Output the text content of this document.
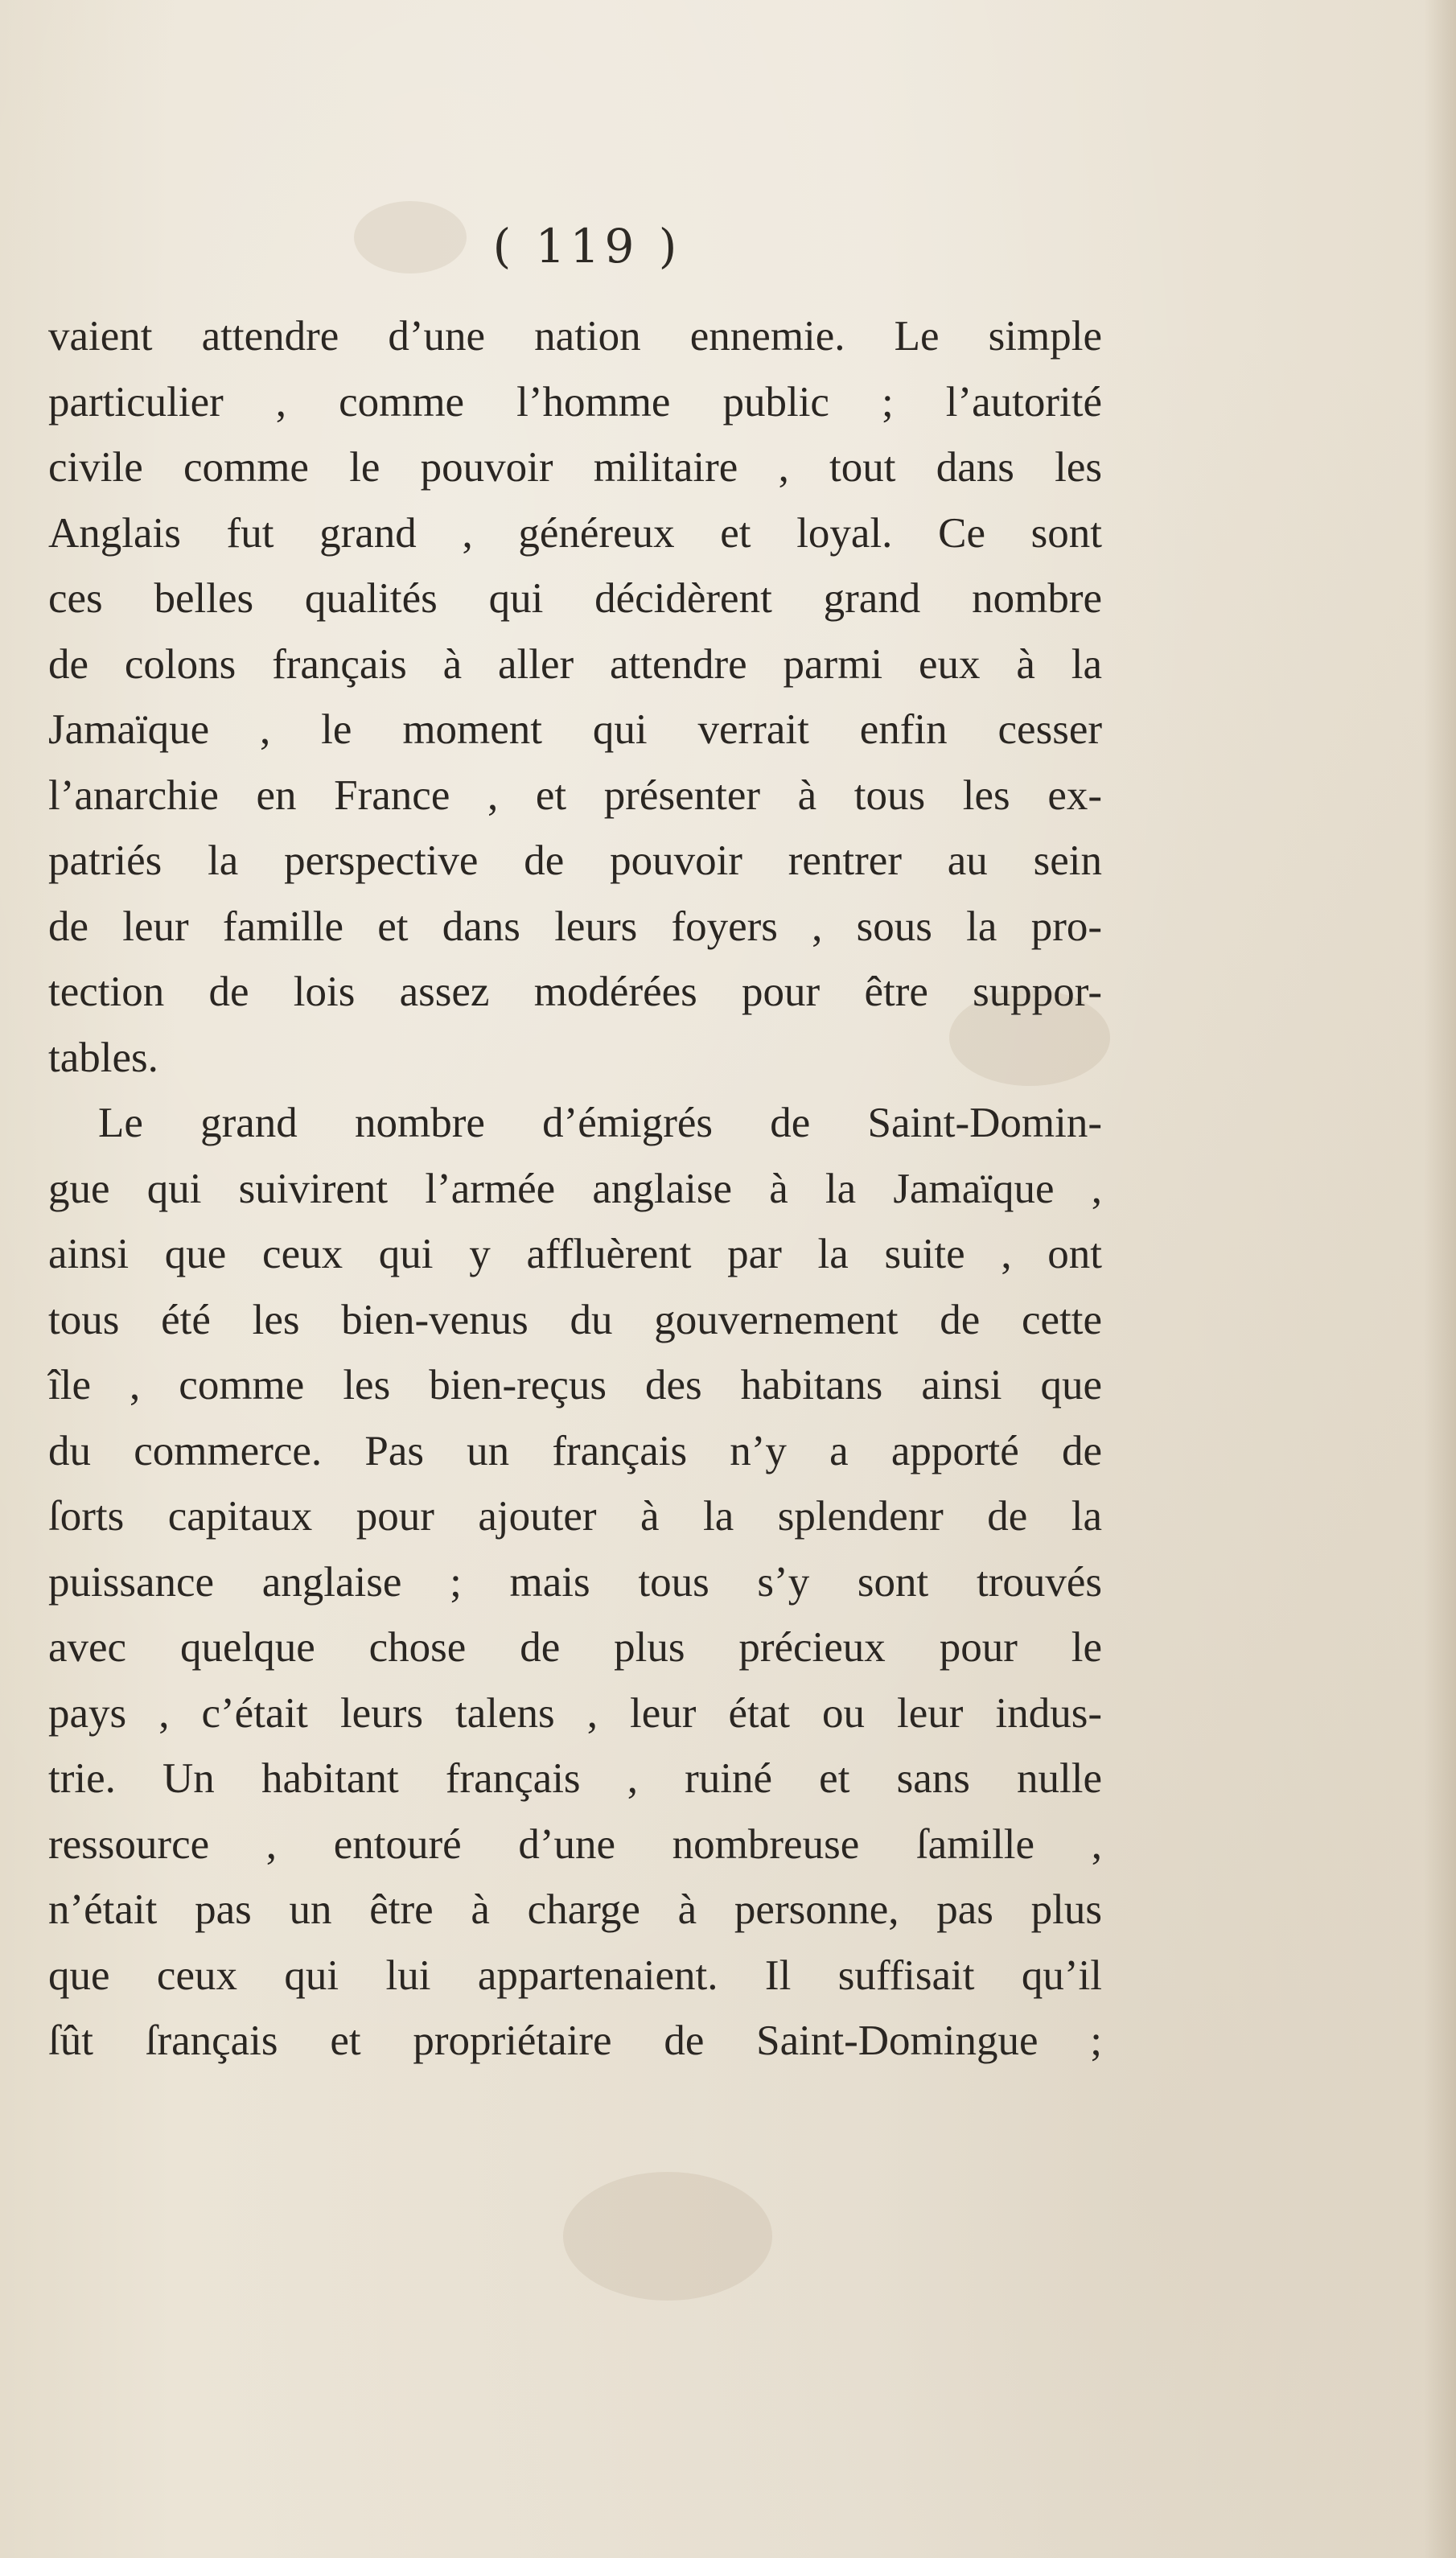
( 119 )
vaient attendre d’une nation ennemie. Le simple
particulier , comme l’homme public ; l’autorité
civile comme le pouvoir militaire , tout dans les
Anglais fut grand , généreux et loyal. Ce sont
ces belles qualités qui décidèrent grand nombre
de colons français à aller attendre parmi eux à la
Jamaïque , le moment qui verrait enfin cesser
l’anarchie en France , et présenter à tous les ex-
patriés la perspective de pouvoir rentrer au sein
de leur famille et dans leurs foyers , sous la pro-
tection de lois assez modérées pour être suppor-
tables.
Le grand nombre d’émigrés de Saint-Domin-
gue qui suivirent l’armée anglaise à la Jamaïque ,
ainsi que ceux qui y affluèrent par la suite , ont
tous été les bien-venus du gouvernement de cette
île , comme les bien-reçus des habitans ainsi que
du commerce. Pas un français n’y a apporté de
ſorts capitaux pour ajouter à la splendenr de la
puissance anglaise ; mais tous s’y sont trouvés
avec quelque chose de plus précieux pour le
pays , c’était leurs talens , leur état ou leur indus-
trie. Un habitant français , ruiné et sans nulle
ressource , entouré d’une nombreuse ſamille ,
n’était pas un être à charge à personne, pas plus
que ceux qui lui appartenaient. Il suffisait qu’il
ſût ſrançais et propriétaire de Saint-Domingue ;
